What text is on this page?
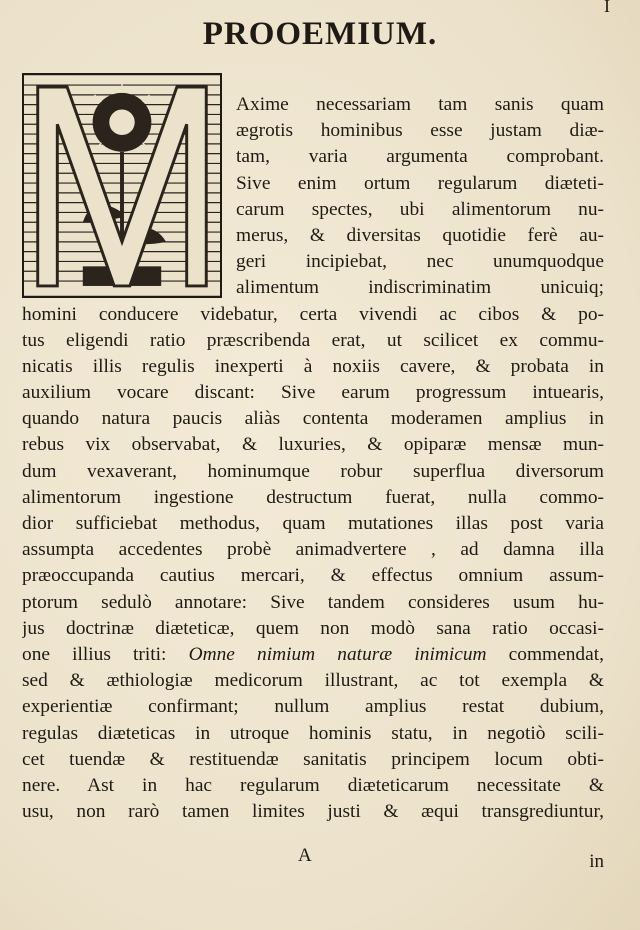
I
PROOEMIUM.
Axime necessariam tam sanis quam
ægrotis hominibus esse justam diæ-
tam, varia argumenta comprobant.
Sive enim ortum regularum diæteti-
carum spectes, ubi alimentorum nu-
merus, & diversitas quotidie ferè au-
geri incipiebat, nec unumquodque
alimentum indiscriminatim unicuiq;
homini conducere videbatur, certa vivendi ac cibos & po-
tus eligendi ratio præscribenda erat, ut scilicet ex commu-
nicatis illis regulis inexperti à noxiis cavere, & probata in
auxilium vocare discant: Sive earum progressum intuearis,
quando natura paucis aliàs contenta moderamen amplius in
rebus vix observabat, & luxuries, & opiparæ mensæ mun-
dum vexaverant, hominumque robur superflua diversorum
alimentorum ingestione destructum fuerat, nulla commo-
dior sufficiebat methodus, quam mutationes illas post varia
assumpta accedentes probè animadvertere , ad damna illa
præoccupanda cautius mercari, & effectus omnium assum-
ptorum sedulò annotare: Sive tandem consideres usum hu-
jus doctrinæ diæteticæ, quem non modò sana ratio occasi-
one illius triti: Omne nimium naturæ inimicum commendat,
sed & æthiologiæ medicorum illustrant, ac tot exempla &
experientiæ confirmant; nullum amplius restat dubium,
regulas diæteticas in utroque hominis statu, in negotiò scili-
cet tuendæ & restituendæ sanitatis principem locum obti-
nere. Ast in hac regularum diæteticarum necessitate &
usu, non rarò tamen limites justi & æqui transgrediuntur,
A	in
